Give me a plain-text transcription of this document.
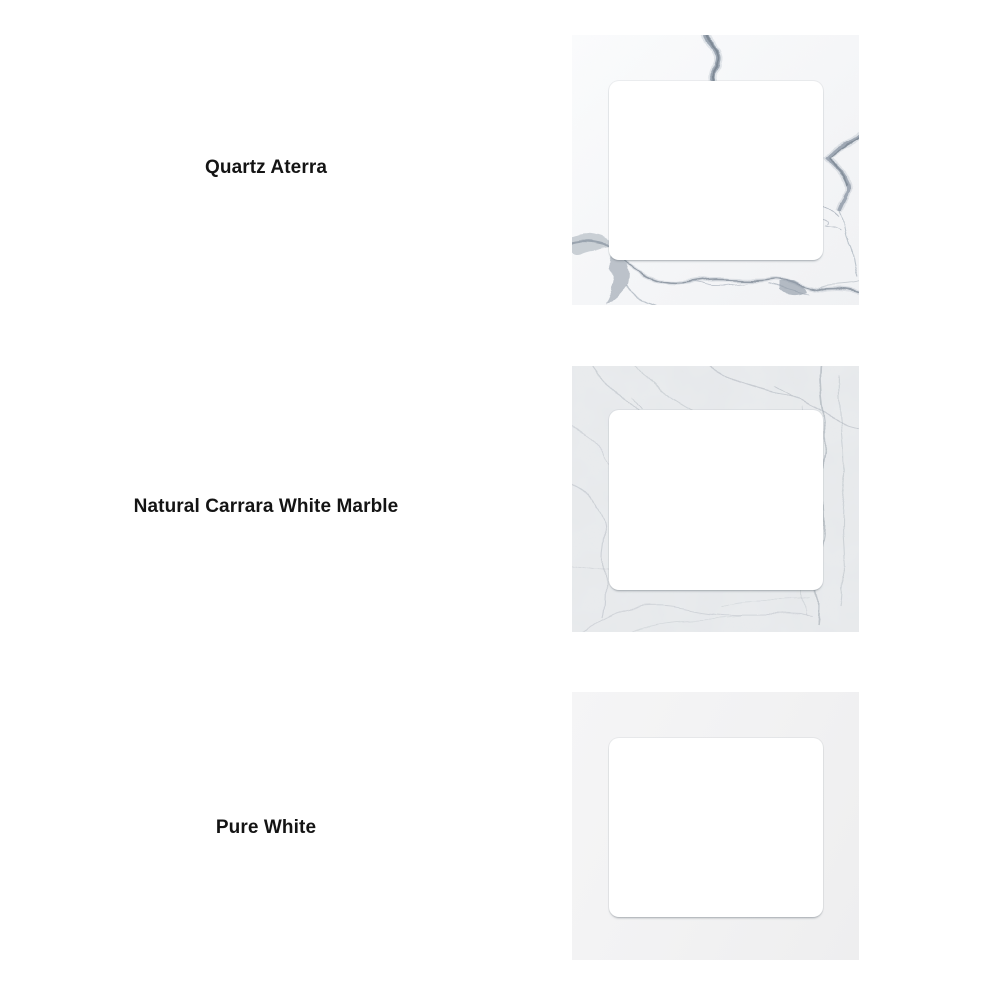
Quartz Aterra
Natural Carrara White Marble
Pure White
